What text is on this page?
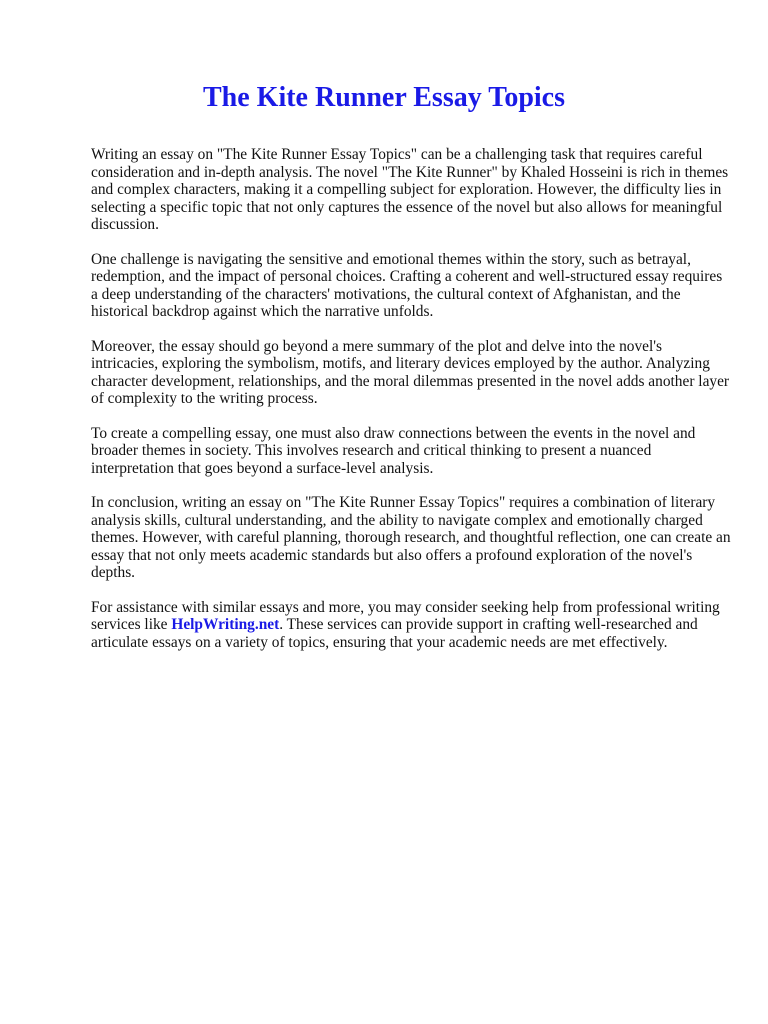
The Kite Runner Essay Topics

Writing an essay on "The Kite Runner Essay Topics" can be a challenging task that requires careful consideration and in-depth analysis. The novel "The Kite Runner" by Khaled Hosseini is rich in themes and complex characters, making it a compelling subject for exploration. However, the difficulty lies in selecting a specific topic that not only captures the essence of the novel but also allows for meaningful discussion.

One challenge is navigating the sensitive and emotional themes within the story, such as betrayal, redemption, and the impact of personal choices. Crafting a coherent and well-structured essay requires a deep understanding of the characters' motivations, the cultural context of Afghanistan, and the historical backdrop against which the narrative unfolds.

Moreover, the essay should go beyond a mere summary of the plot and delve into the novel's intricacies, exploring the symbolism, motifs, and literary devices employed by the author. Analyzing character development, relationships, and the moral dilemmas presented in the novel adds another layer of complexity to the writing process.

To create a compelling essay, one must also draw connections between the events in the novel and broader themes in society. This involves research and critical thinking to present a nuanced interpretation that goes beyond a surface-level analysis.

In conclusion, writing an essay on "The Kite Runner Essay Topics" requires a combination of literary analysis skills, cultural understanding, and the ability to navigate complex and emotionally charged themes. However, with careful planning, thorough research, and thoughtful reflection, one can create an essay that not only meets academic standards but also offers a profound exploration of the novel's depths.

For assistance with similar essays and more, you may consider seeking help from professional writing services like HelpWriting.net. These services can provide support in crafting well-researched and articulate essays on a variety of topics, ensuring that your academic needs are met effectively.
